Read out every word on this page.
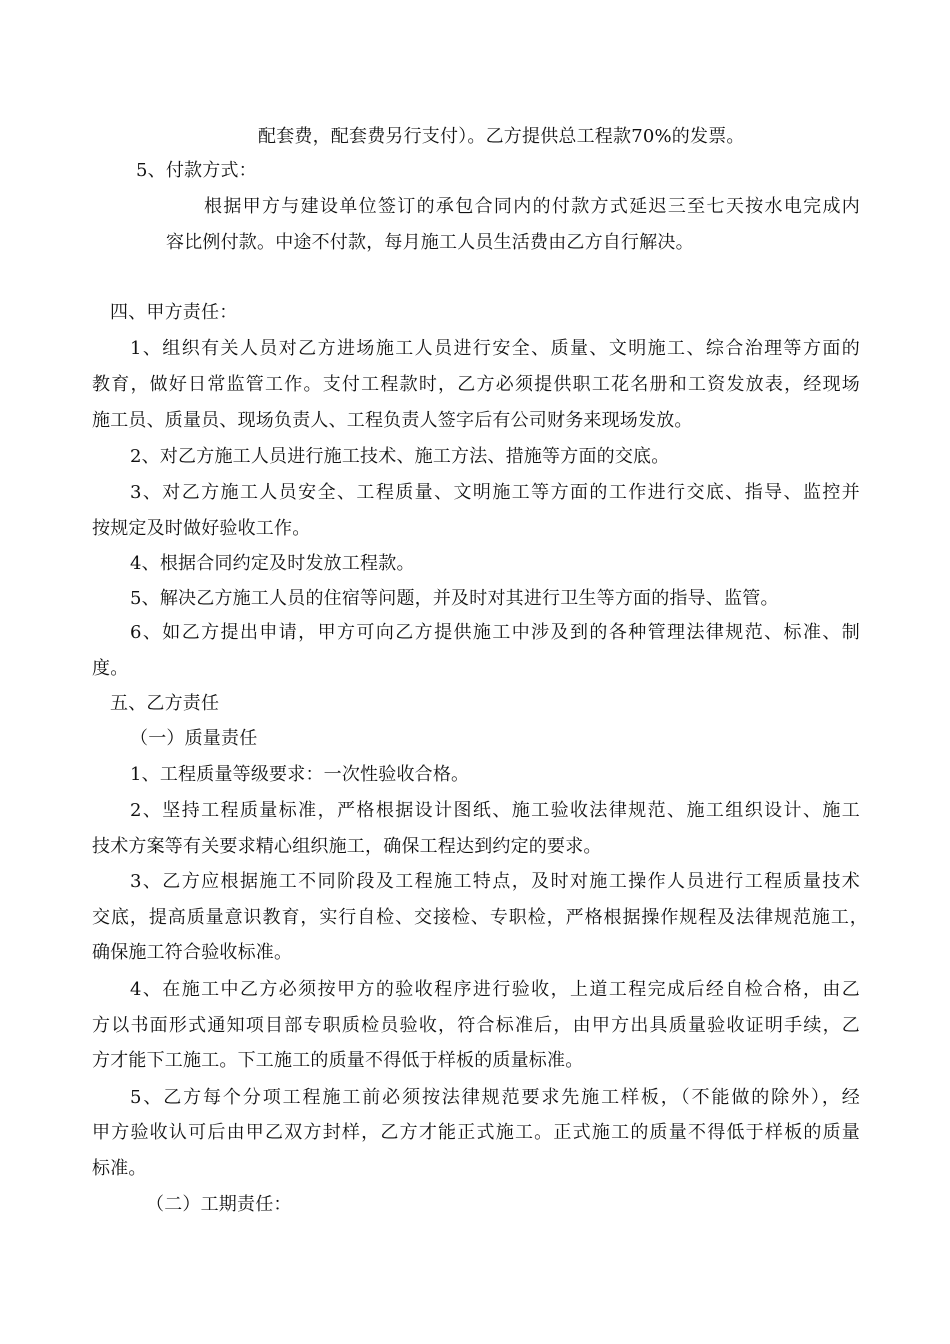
配套费，配套费另行支付）。乙方提供总工程款70%的发票。
5、付款方式：
根据甲方与建设单位签订的承包合同内的付款方式延迟三至七天按水电完成内
容比例付款。中途不付款，每月施工人员生活费由乙方自行解决。
四、甲方责任：
1、组织有关人员对乙方进场施工人员进行安全、质量、文明施工、综合治理等方面的
教育，做好日常监管工作。支付工程款时，乙方必须提供职工花名册和工资发放表，经现场
施工员、质量员、现场负责人、工程负责人签字后有公司财务来现场发放。
2、对乙方施工人员进行施工技术、施工方法、措施等方面的交底。
3、对乙方施工人员安全、工程质量、文明施工等方面的工作进行交底、指导、监控并
按规定及时做好验收工作。
4、根据合同约定及时发放工程款。
5、解决乙方施工人员的住宿等问题，并及时对其进行卫生等方面的指导、监管。
6、如乙方提出申请，甲方可向乙方提供施工中涉及到的各种管理法律规范、标准、制
度。
五、乙方责任
（一）质量责任
1、工程质量等级要求：一次性验收合格。
2、坚持工程质量标准，严格根据设计图纸、施工验收法律规范、施工组织设计、施工
技术方案等有关要求精心组织施工，确保工程达到约定的要求。
3、乙方应根据施工不同阶段及工程施工特点，及时对施工操作人员进行工程质量技术
交底，提高质量意识教育，实行自检、交接检、专职检，严格根据操作规程及法律规范施工，
确保施工符合验收标准。
4、在施工中乙方必须按甲方的验收程序进行验收，上道工程完成后经自检合格，由乙
方以书面形式通知项目部专职质检员验收，符合标准后，由甲方出具质量验收证明手续，乙
方才能下工施工。下工施工的质量不得低于样板的质量标准。
5、乙方每个分项工程施工前必须按法律规范要求先施工样板，（不能做的除外），经
甲方验收认可后由甲乙双方封样，乙方才能正式施工。正式施工的质量不得低于样板的质量
标准。
（二）工期责任：
